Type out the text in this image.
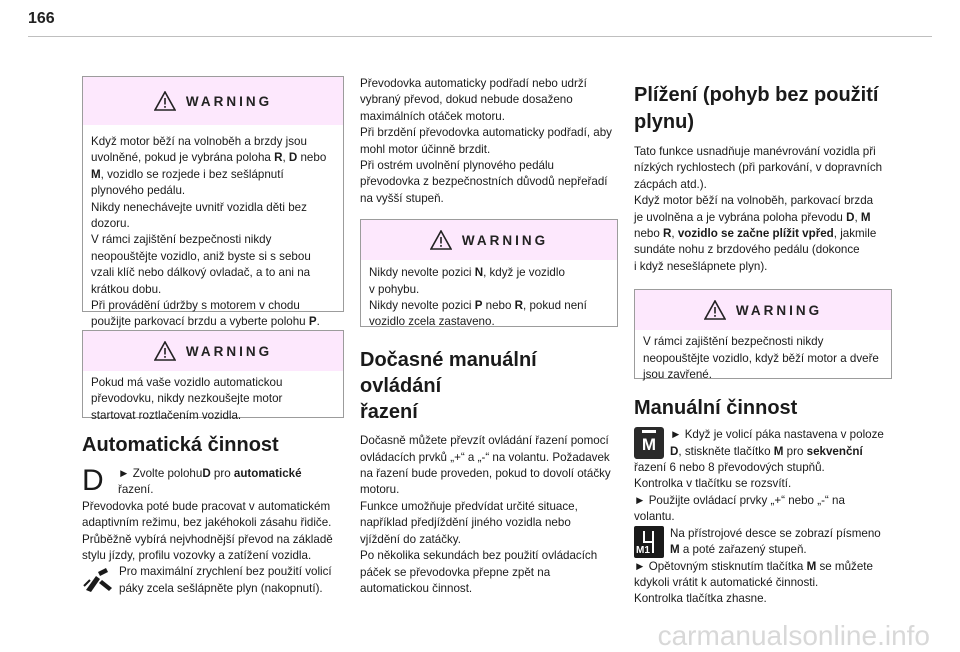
166
WARNING

Když motor běží na volnoběh a brzdy jsou

uvolněné, pokud je vybrána poloha R, D nebo

M, vozidlo se rozjede i bez sešlápnutí

plynového pedálu.

Nikdy nenechávejte uvnitř vozidla děti bez

dozoru.

V rámci zajištění bezpečnosti nikdy

neopouštějte vozidlo, aniž byste si s sebou

vzali klíč nebo dálkový ovladač, a to ani na

krátkou dobu.

Při provádění údržby s motorem v chodu

použijte parkovací brzdu a vyberte polohu P.

WARNING

Pokud má vaše vozidlo automatickou

převodovku, nikdy nezkoušejte motor

startovat roztlačením vozidla.

Automatická činnost
D	► Zvolte polohuD pro automatické

řazení.

Převodovka poté bude pracovat v automatickém

adaptivním režimu, bez jakéhokoli zásahu řidiče.

Průběžně vybírá nejvhodnější převod na základě

stylu jízdy, profilu vozovky a zatížení vozidla.

Pro maximální zrychlení bez použití volicí

páky zcela sešlápněte plyn (nakopnutí).

Převodovka automaticky podřadí nebo udrží

vybraný převod, dokud nebude dosaženo

maximálních otáček motoru.

Při brzdění převodovka automaticky podřadí, aby

mohl motor účinně brzdit.

Při ostrém uvolnění plynového pedálu

převodovka z bezpečnostních důvodů nepřeřadí

na vyšší stupeň.

WARNING

Nikdy nevolte pozici N, když je vozidlo

v pohybu.

Nikdy nevolte pozici P nebo R, pokud není

vozidlo zcela zastaveno.

Dočasné manuální ovládání
řazení

Dočasně můžete převzít ovládání řazení pomocí

ovládacích prvků „+“ a „-“ na volantu. Požadavek

na řazení bude proveden, pokud to dovolí otáčky

motoru.

Funkce umožňuje předvídat určité situace,

například předjíždění jiného vozidla nebo

vjíždění do zatáčky.

Po několika sekundách bez použití ovládacích

páček se převodovka přepne zpět na

automatickou činnost.

Plížení (pohyb bez použití
plynu)

Tato funkce usnadňuje manévrování vozidla při

nízkých rychlostech (při parkování, v dopravních

zácpách atd.).

Když motor běží na volnoběh, parkovací brzda

je uvolněna a je vybrána poloha převodu D, M

nebo R, vozidlo se začne plížit vpřed, jakmile

sundáte nohu z brzdového pedálu (dokonce

i když nesešlápnete plyn).

WARNING

V rámci zajištění bezpečnosti nikdy

neopouštějte vozidlo, když běží motor a dveře

jsou zavřené.

Manuální činnost
M

► Když je volicí páka nastavena v poloze

D, stiskněte tlačítko M pro sekvenční

řazení 6 nebo 8 převodových stupňů.

Kontrolka v tlačítku se rozsvítí.

► Použijte ovládací prvky „+“ nebo „-“ na

volantu.

M1

Na přístrojové desce se zobrazí písmeno

M a poté zařazený stupeň.

► Opětovným stisknutím tlačítka M se můžete

kdykoli vrátit k automatické činnosti.

Kontrolka tlačítka zhasne.

carmanualsonline.info
